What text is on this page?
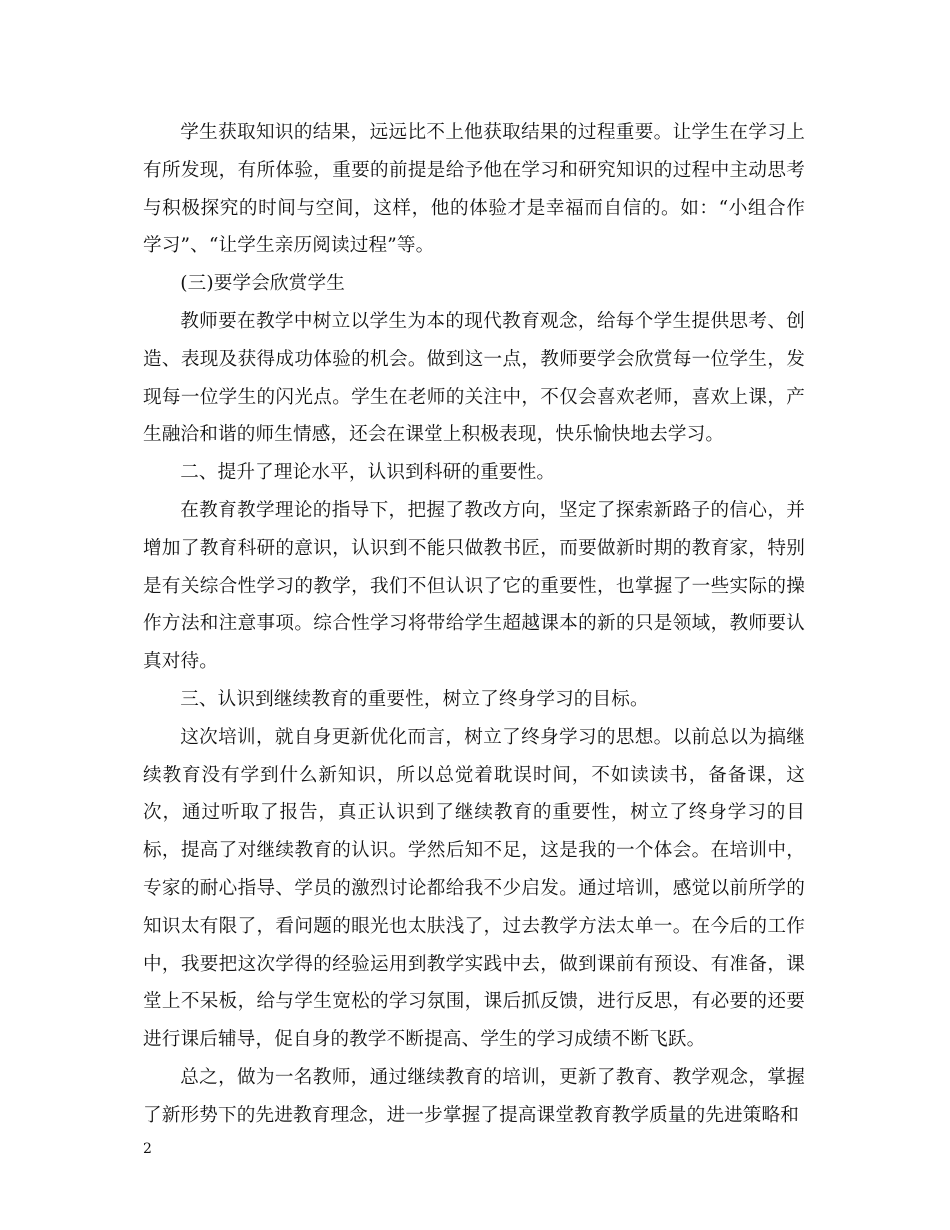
学生获取知识的结果，远远比不上他获取结果的过程重要。让学生在学习上有所发现，有所体验，重要的前提是给予他在学习和研究知识的过程中主动思考与积极探究的时间与空间，这样，他的体验才是幸福而自信的。如：“小组合作学习”、“让学生亲历阅读过程”等。

(三)要学会欣赏学生

教师要在教学中树立以学生为本的现代教育观念，给每个学生提供思考、创造、表现及获得成功体验的机会。做到这一点，教师要学会欣赏每一位学生，发现每一位学生的闪光点。学生在老师的关注中，不仅会喜欢老师，喜欢上课，产生融洽和谐的师生情感，还会在课堂上积极表现，快乐愉快地去学习。

二、提升了理论水平，认识到科研的重要性。

在教育教学理论的指导下，把握了教改方向，坚定了探索新路子的信心，并增加了教育科研的意识，认识到不能只做教书匠，而要做新时期的教育家，特别是有关综合性学习的教学，我们不但认识了它的重要性，也掌握了一些实际的操作方法和注意事项。综合性学习将带给学生超越课本的新的只是领域，教师要认真对待。

三、认识到继续教育的重要性，树立了终身学习的目标。

这次培训，就自身更新优化而言，树立了终身学习的思想。以前总以为搞继续教育没有学到什么新知识，所以总觉着耽误时间，不如读读书，备备课，这次，通过听取了报告，真正认识到了继续教育的重要性，树立了终身学习的目标，提高了对继续教育的认识。学然后知不足，这是我的一个体会。在培训中，专家的耐心指导、学员的激烈讨论都给我不少启发。通过培训，感觉以前所学的知识太有限了，看问题的眼光也太肤浅了，过去教学方法太单一。在今后的工作中，我要把这次学得的经验运用到教学实践中去，做到课前有预设、有准备，课堂上不呆板，给与学生宽松的学习氛围，课后抓反馈，进行反思，有必要的还要进行课后辅导，促自身的教学不断提高、学生的学习成绩不断飞跃。

总之，做为一名教师，通过继续教育的培训，更新了教育、教学观念，掌握了新形势下的先进教育理念，进一步掌握了提高课堂教育教学质量的先进策略和

2
